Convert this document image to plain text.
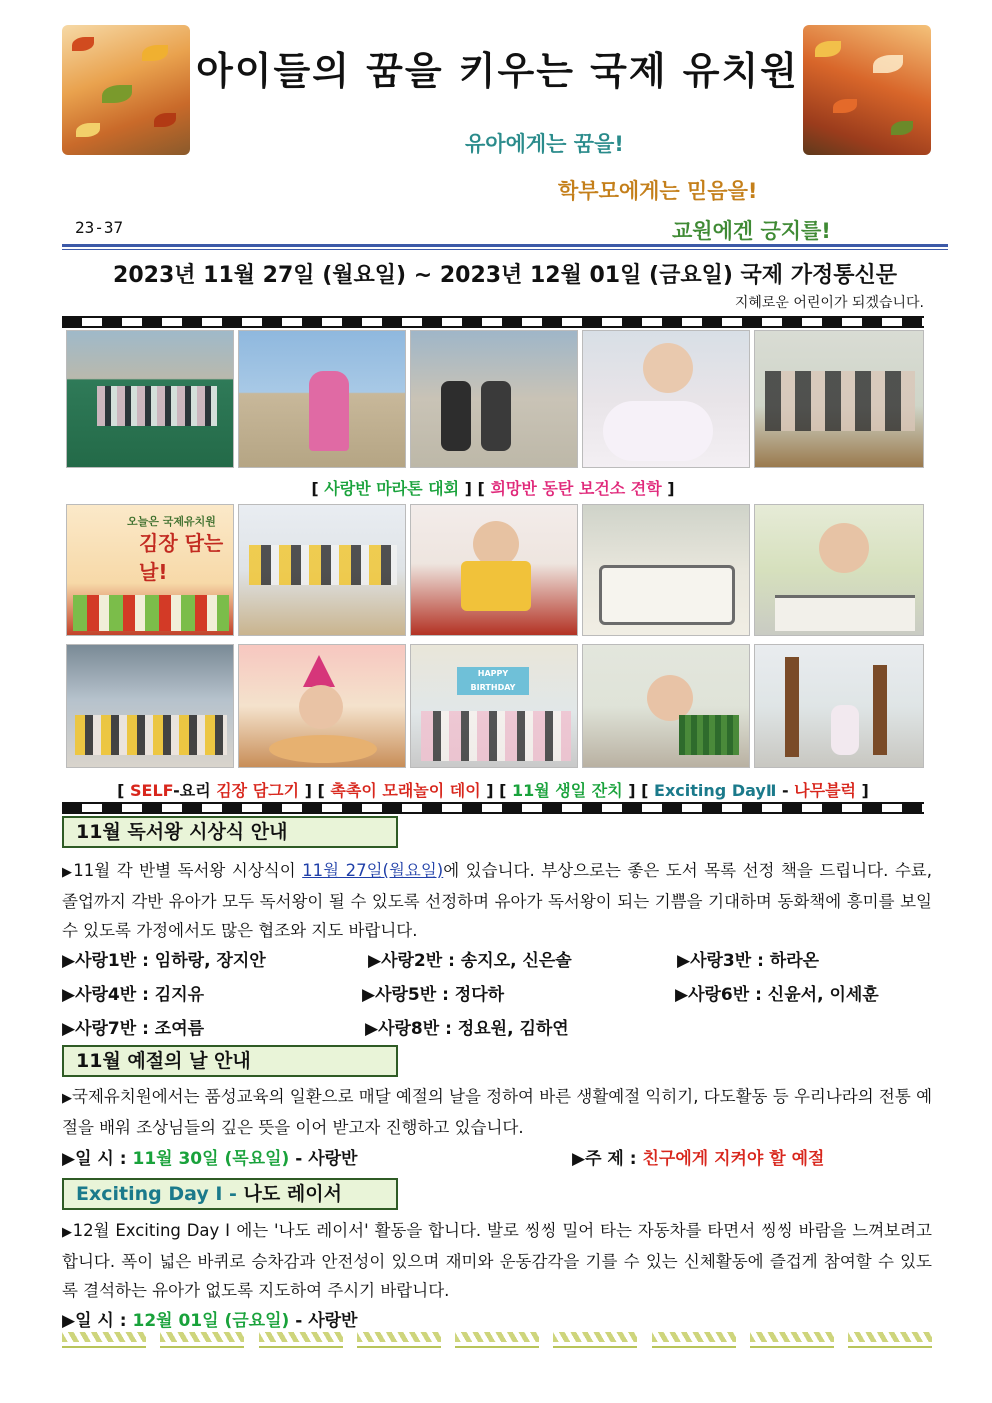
아이들의 꿈을 키우는 국제 유치원
유아에게는 꿈을!
학부모에게는 믿음을!
교원에겐 긍지를!
23-37
2023년 11월 27일 (월요일) ~ 2023년 12월 01일 (금요일) 국제 가정통신문
지혜로운 어린이가 되겠습니다.
[ 사랑반 마라톤 대회 ] [ 희망반 동탄 보건소 견학 ]
오늘은 국제유치원
김장 담는 날!
HAPPY BIRTHDAY
[ SELF-요리 김장 담그기 ] [ 촉촉이 모래놀이 데이 ] [ 11월 생일 잔치 ] [ Exciting DayⅡ - 나무블럭 ]
11월 독서왕 시상식 안내
▶11월 각 반별 독서왕 시상식이 11월 27일(월요일)에 있습니다. 부상으로는 좋은 도서 목록 선정 책을 드립니다. 수료, 졸업까지 각반 유아가 모두 독서왕이 될 수 있도록 선정하며 유아가 독서왕이 되는 기쁨을 기대하며 동화책에 흥미를 보일 수 있도록 가정에서도 많은 협조와 지도 바랍니다.
▶사랑1반 : 임하랑, 장지안	▶사랑2반 : 송지오, 신은솔	▶사랑3반 : 하라온
▶사랑4반 : 김지유	▶사랑5반 : 정다하	▶사랑6반 : 신윤서, 이세훈
▶사랑7반 : 조여름	▶사랑8반 : 정요원, 김하연
11월 예절의 날 안내
▶국제유치원에서는 품성교육의 일환으로 매달 예절의 날을 정하여 바른 생활예절 익히기, 다도활동 등 우리나라의 전통 예절을 배워 조상님들의 깊은 뜻을 이어 받고자 진행하고 있습니다.
▶일 시 : 11월 30일 (목요일) - 사랑반	▶주 제 : 친구에게 지켜야 할 예절
Exciting Day Ⅰ - 나도 레이서
▶12월 Exciting Day Ⅰ 에는 '나도 레이서' 활동을 합니다. 발로 씽씽 밀어 타는 자동차를 타면서 씽씽 바람을 느껴보려고 합니다. 폭이 넓은 바퀴로 승차감과 안전성이 있으며 재미와 운동감각을 기를 수 있는 신체활동에 즐겁게 참여할 수 있도록 결석하는 유아가 없도록 지도하여 주시기 바랍니다.
▶일 시 : 12월 01일 (금요일) - 사랑반
